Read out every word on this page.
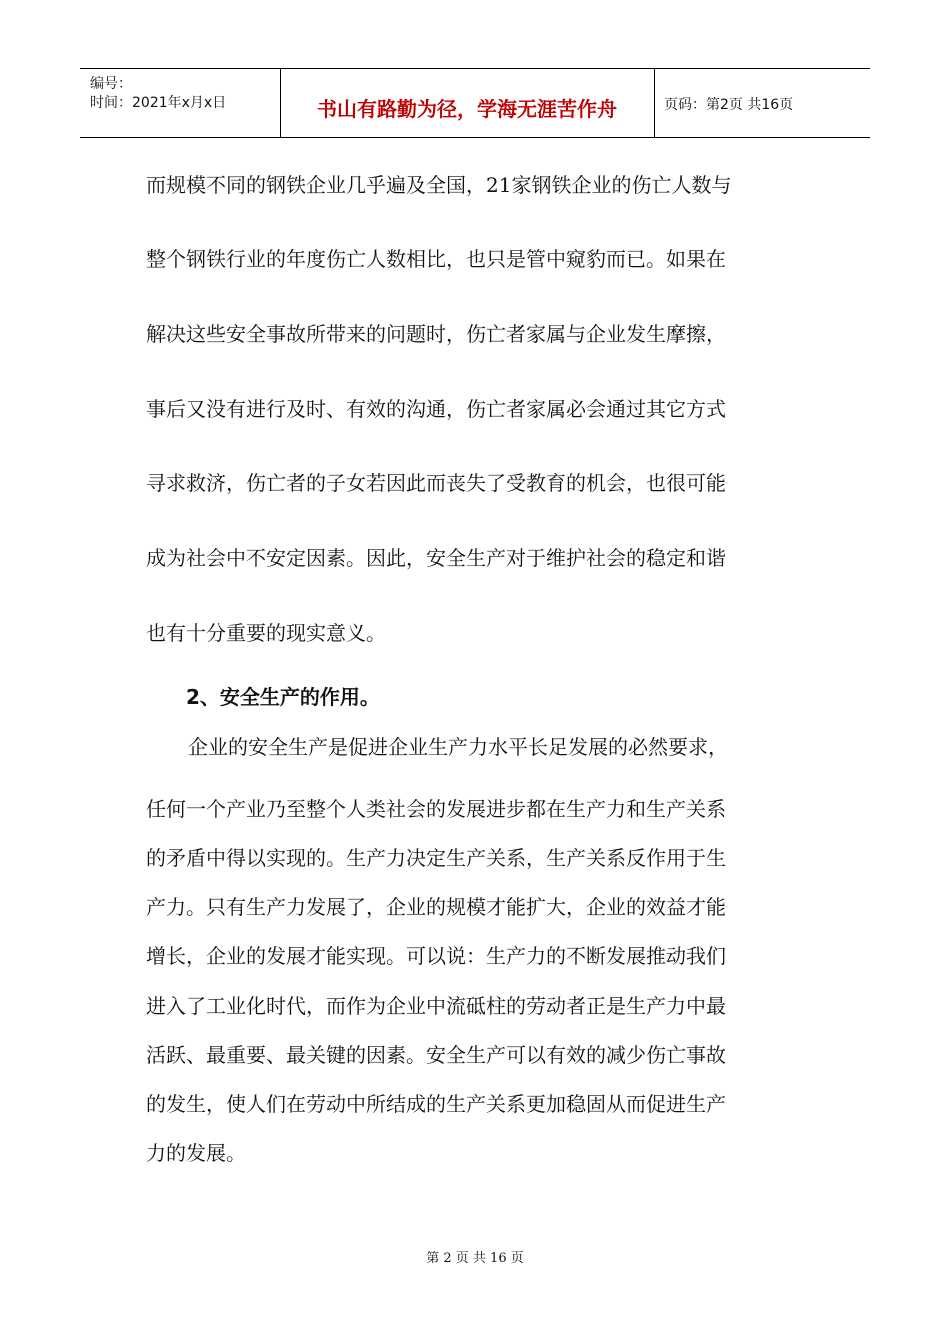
编号：
时间：2021年x月x日	书山有路勤为径，学海无涯苦作舟	页码：第2页 共16页
而规模不同的钢铁企业几乎遍及全国，21家钢铁企业的伤亡人数与
整个钢铁行业的年度伤亡人数相比，也只是管中窥豹而已。如果在
解决这些安全事故所带来的问题时，伤亡者家属与企业发生摩擦，
事后又没有进行及时、有效的沟通，伤亡者家属必会通过其它方式
寻求救济，伤亡者的子女若因此而丧失了受教育的机会，也很可能
成为社会中不安定因素。因此，安全生产对于维护社会的稳定和谐
也有十分重要的现实意义。
2、安全生产的作用。
企业的安全生产是促进企业生产力水平长足发展的必然要求，
任何一个产业乃至整个人类社会的发展进步都在生产力和生产关系
的矛盾中得以实现的。生产力决定生产关系，生产关系反作用于生
产力。只有生产力发展了，企业的规模才能扩大，企业的效益才能
增长，企业的发展才能实现。可以说：生产力的不断发展推动我们
进入了工业化时代，而作为企业中流砥柱的劳动者正是生产力中最
活跃、最重要、最关键的因素。安全生产可以有效的减少伤亡事故
的发生，使人们在劳动中所结成的生产关系更加稳固从而促进生产
力的发展。
第 2 页 共 16 页
